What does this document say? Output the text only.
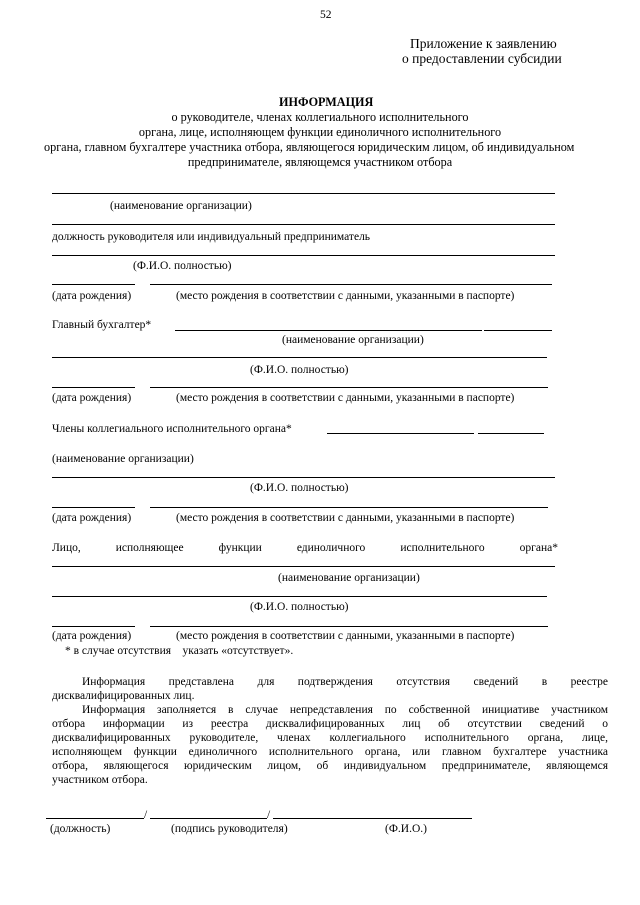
52
Приложение к заявлению
о предоставлении субсидии
ИНФОРМАЦИЯ
о руководителе, членах коллегиального исполнительного
органа, лице, исполняющем функции единоличного исполнительного
органа, главном бухгалтере участника отбора, являющегося юридическим лицом, об индивидуальном
предпринимателе, являющемся участником отбора
(наименование организации)
должность руководителя или индивидуальный предприниматель
(Ф.И.О. полностью)
(дата рождения)	(место рождения в соответствии с данными, указанными в паспорте)
Главный бухгалтер*
(наименование организации)
(Ф.И.О. полностью)
(дата рождения)	(место рождения в соответствии с данными, указанными в паспорте)
Члены коллегиального исполнительного органа*
(наименование организации)
(Ф.И.О. полностью)
(дата рождения)	(место рождения в соответствии с данными, указанными в паспорте)
Лицо,	исполняющее	функции	единоличного	исполнительного	органа*
(наименование организации)
(Ф.И.О. полностью)
(дата рождения)	(место рождения в соответствии с данными, указанными в паспорте)
* в случае отсутствия    указать «отсутствует».
Информация представлена для подтверждения отсутствия сведений в реестре
дисквалифицированных лиц.
Информация заполняется в случае непредставления по собственной инициативе участником
отбора информации из реестра дисквалифицированных лиц об отсутствии сведений о
дисквалифицированных руководителе, членах коллегиального исполнительного органа, лице,
исполняющем функции единоличного исполнительного органа, или главном бухгалтере участника
отбора, являющегося юридическим лицом, об индивидуальном предпринимателе, являющемся
участником отбора.
/	/
(должность)	(подпись руководителя)	(Ф.И.О.)
